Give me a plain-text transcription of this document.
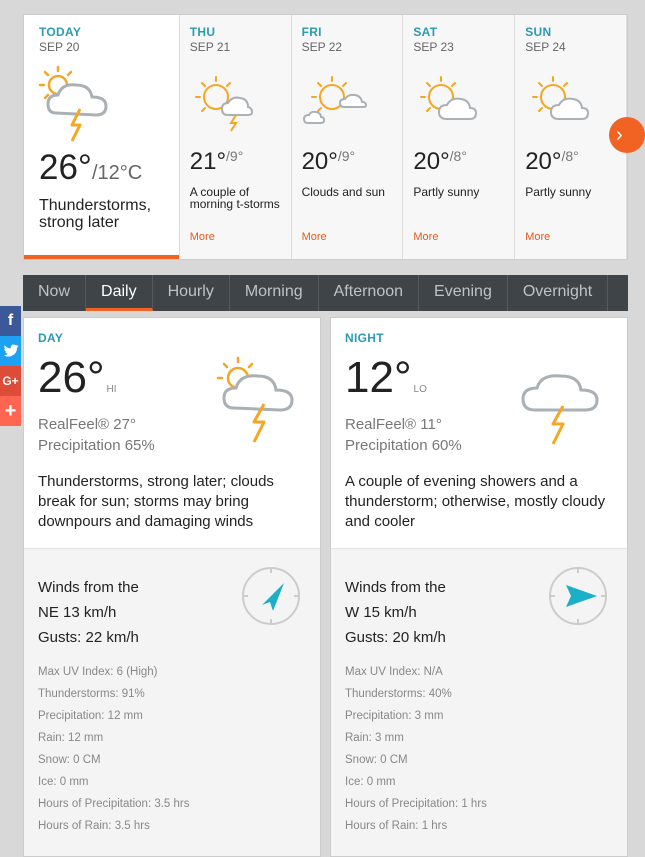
TODAY
SEP 20
26°/12°C
Thunderstorms, strong later
THU
SEP 21
21°$^{/9^\circ}$
A couple of morning t-storms
More
FRI
SEP 22
20°$^{/9^\circ}$
Clouds and sun
More
SAT
SEP 23
20°$^{/8^\circ}$
Partly sunny
More
SUN
SEP 24
20°$^{/8^\circ}$
Partly sunny
More
›
Now	Daily	Hourly	Morning	Afternoon	Evening	Overnight
f
G+
+
DAY
26° HI
RealFeel® 27°
Precipitation 65%
Thunderstorms, strong later; clouds break for sun; storms may bring downpours and damaging winds
Winds from the
NE 13 km/h
Gusts: 22 km/h
Max UV Index: 6 (High)
Thunderstorms: 91%
Precipitation: 12 mm
Rain: 12 mm
Snow: 0 CM
Ice: 0 mm
Hours of Precipitation: 3.5 hrs
Hours of Rain: 3.5 hrs
NIGHT
12° LO
RealFeel® 11°
Precipitation 60%
A couple of evening showers and a thunderstorm; otherwise, mostly cloudy and cooler
Winds from the
W 15 km/h
Gusts: 20 km/h
Max UV Index: N/A
Thunderstorms: 40%
Precipitation: 3 mm
Rain: 3 mm
Snow: 0 CM
Ice: 0 mm
Hours of Precipitation: 1 hrs
Hours of Rain: 1 hrs
